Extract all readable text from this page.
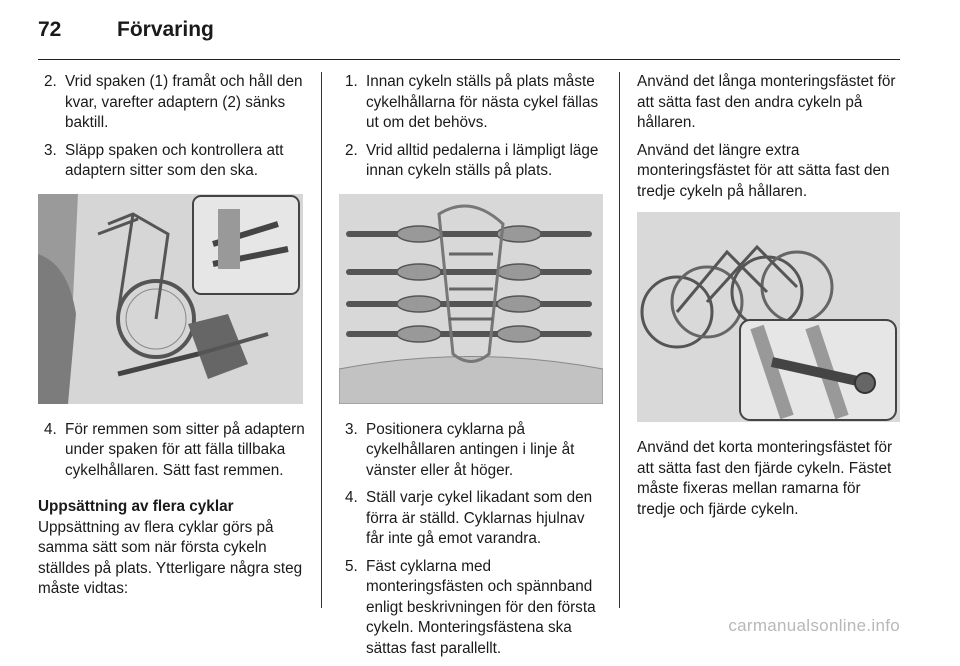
72	Förvaring
2. Vrid spaken (1) framåt och håll den kvar, varefter adaptern (2) sänks baktill.
3. Släpp spaken och kontrollera att adaptern sitter som den ska.
4. För remmen som sitter på adaptern under spaken för att fälla tillbaka cykelhållaren. Sätt fast remmen.

Uppsättning av flera cyklar

Uppsättning av flera cyklar görs på samma sätt som när första cykeln ställdes på plats. Ytterligare några steg måste vidtas:

1. Innan cykeln ställs på plats måste cykelhållarna för nästa cykel fällas ut om det behövs.
2. Vrid alltid pedalerna i lämpligt läge innan cykeln ställs på plats.
3. Positionera cyklarna på cykelhållaren antingen i linje åt vänster eller åt höger.
4. Ställ varje cykel likadant som den förra är ställd. Cyklarnas hjulnav får inte gå emot varandra.
5. Fäst cyklarna med monteringsfästen och spännband enligt beskrivningen för den första cykeln. Monteringsfästena ska sättas fast parallellt.

Använd det långa monteringsfästet för att sätta fast den andra cykeln på hållaren.

Använd det längre extra monteringsfästet för att sätta fast den tredje cykeln på hållaren.

Använd det korta monteringsfästet för att sätta fast den fjärde cykeln. Fästet måste fixeras mellan ramarna för tredje och fjärde cykeln.

carmanualsonline.info
